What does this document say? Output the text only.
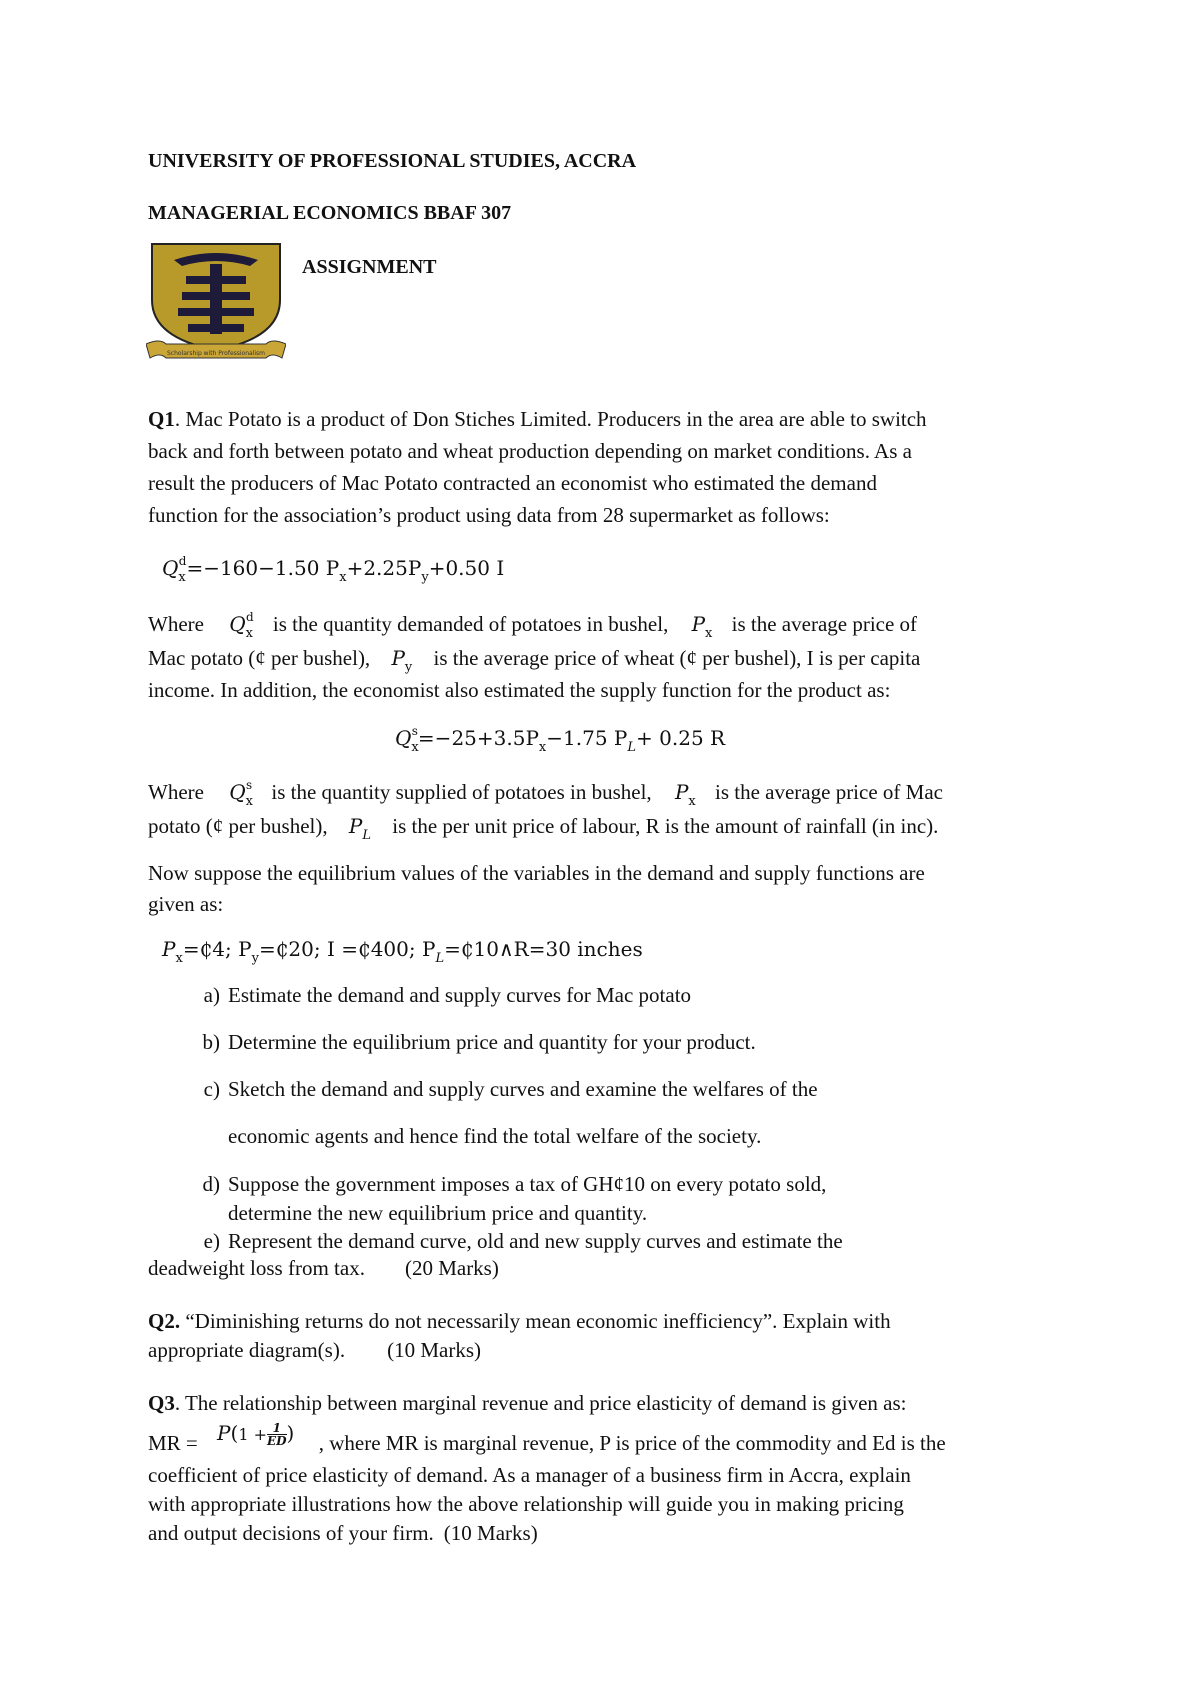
UNIVERSITY OF PROFESSIONAL STUDIES, ACCRA
MANAGERIAL ECONOMICS BBAF 307
ASSIGNMENT
Scholarship with Professionalism
Q1. Mac Potato is a product of Don Stiches Limited. Producers in the area are able to switch
back and forth between potato and wheat production depending on market conditions. As a
result the producers of Mac Potato contracted an economist who estimated the demand
function for the association’s product using data from 28 supermarket as follows:
$Q_x^d=-160-1.50$ $P_x+2.25P_y+0.50$ I
Where $Q_x^d$ is the quantity demanded of potatoes in bushel, $P_x$ is the average price of
Mac potato (¢ per bushel), $P_y$ is the average price of wheat (¢ per bushel), I is per capita
income. In addition, the economist also estimated the supply function for the product as:
$Q_x^s=-25+3.5P_x-1.75$ $P_L+ 0.25$ R
Where $Q_x^s$ is the quantity supplied of potatoes in bushel, $P_x$ is the average price of Mac
potato (¢ per bushel), $P_L$ is the per unit price of labour, R is the amount of rainfall (in inc).
Now suppose the equilibrium values of the variables in the demand and supply functions are
given as:
$P_x=₵4$; $P_y=₵20$; I =₵400; $P_L=₵10\wedge R=30$ inches
a) Estimate the demand and supply curves for Mac potato
b) Determine the equilibrium price and quantity for your product.
c) Sketch the demand and supply curves and examine the welfares of the
economic agents and hence find the total welfare of the society.
d) Suppose the government imposes a tax of GH¢10 on every potato sold,
determine the new equilibrium price and quantity.
e) Represent the demand curve, old and new supply curves and estimate the
deadweight loss from tax. (20 Marks)
Q2. “Diminishing returns do not necessarily mean economic inefficiency”. Explain with
appropriate diagram(s). (10 Marks)
Q3. The relationship between marginal revenue and price elasticity of demand is given as:
MR = $P(1 + \frac{1}{ED}$ ) , where MR is marginal revenue, P is price of the commodity and Ed is the
coefficient of price elasticity of demand. As a manager of a business firm in Accra, explain
with appropriate illustrations how the above relationship will guide you in making pricing
and output decisions of your firm. (10 Marks)
